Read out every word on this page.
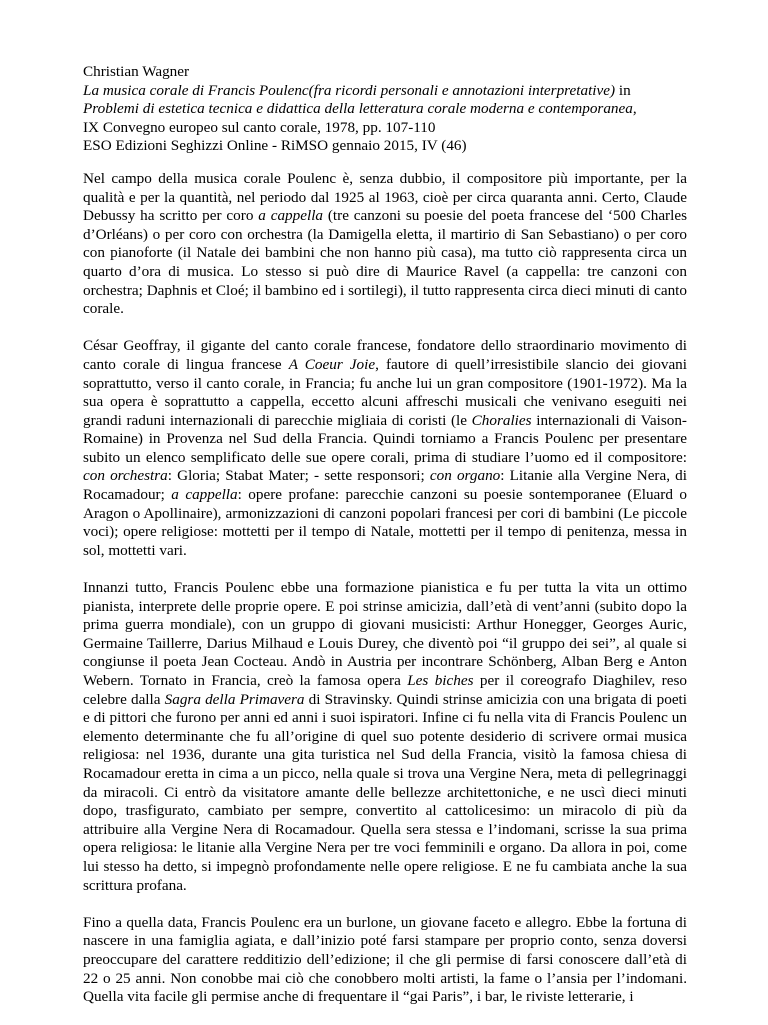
Christian Wagner
La musica corale di Francis Poulenc(fra ricordi personali e annotazioni interpretative) in
Problemi di estetica tecnica e didattica della letteratura corale moderna e contemporanea,
IX Convegno europeo sul canto corale, 1978, pp. 107-110
ESO Edizioni Seghizzi Online - RiMSO gennaio 2015, IV (46)

Nel campo della musica corale Poulenc è, senza dubbio, il compositore più importante, per la qualità e per la quantità, nel periodo dal 1925 al 1963, cioè per circa quaranta anni. Certo, Claude Debussy ha scritto per coro a cappella (tre canzoni su poesie del poeta francese del ‘500 Charles d’Orléans) o per coro con orchestra (la Damigella eletta, il martirio di San Sebastiano) o per coro con pianoforte (il Natale dei bambini che non hanno più casa), ma tutto ciò rappresenta circa un quarto d’ora di musica. Lo stesso si può dire di Maurice Ravel (a cappella: tre canzoni con orchestra; Daphnis et Cloé; il bambino ed i sortilegi), il tutto rappresenta circa dieci minuti di canto corale.

César Geoffray, il gigante del canto corale francese, fondatore dello straordinario movimento di canto corale di lingua francese A Coeur Joie, fautore di quell’irresistibile slancio dei giovani soprattutto, verso il canto corale, in Francia; fu anche lui un gran compositore (1901-1972). Ma la sua opera è soprattutto a cappella, eccetto alcuni affreschi musicali che venivano eseguiti nei grandi raduni internazionali di parecchie migliaia di coristi (le Choralies internazionali di Vaison-Romaine) in Provenza nel Sud della Francia. Quindi torniamo a Francis Poulenc per presentare subito un elenco semplificato delle sue opere corali, prima di studiare l’uomo ed il compositore: con orchestra: Gloria; Stabat Mater; - sette responsori; con organo: Litanie alla Vergine Nera, di Rocamadour; a cappella: opere profane: parecchie canzoni su poesie sontemporanee (Eluard o Aragon o Apollinaire), armonizzazioni di canzoni popolari francesi per cori di bambini (Le piccole voci); opere religiose: mottetti per il tempo di Natale, mottetti per il tempo di penitenza, messa in sol, mottetti vari.

Innanzi tutto, Francis Poulenc ebbe una formazione pianistica e fu per tutta la vita un ottimo pianista, interprete delle proprie opere. E poi strinse amicizia, dall’età di vent’anni (subito dopo la prima guerra mondiale), con un gruppo di giovani musicisti: Arthur Honegger, Georges Auric, Germaine Taillerre, Darius Milhaud e Louis Durey, che diventò poi “il gruppo dei sei”, al quale si congiunse il poeta Jean Cocteau. Andò in Austria per incontrare Schönberg, Alban Berg e Anton Webern. Tornato in Francia, creò la famosa opera Les biches per il coreografo Diaghilev, reso celebre dalla Sagra della Primavera di Stravinsky. Quindi strinse amicizia con una brigata di poeti e di pittori che furono per anni ed anni i suoi ispiratori. Infine ci fu nella vita di Francis Poulenc un elemento determinante che fu all’origine di quel suo potente desiderio di scrivere ormai musica religiosa: nel 1936, durante una gita turistica nel Sud della Francia, visitò la famosa chiesa di Rocamadour eretta in cima a un picco, nella quale si trova una Vergine Nera, meta di pellegrinaggi da miracoli. Ci entrò da visitatore amante delle bellezze architettoniche, e ne uscì dieci minuti dopo, trasfigurato, cambiato per sempre, convertito al cattolicesimo: un miracolo di più da attribuire alla Vergine Nera di Rocamadour. Quella sera stessa e l’indomani, scrisse la sua prima opera religiosa: le litanie alla Vergine Nera per tre voci femminili e organo. Da allora in poi, come lui stesso ha detto, si impegnò profondamente nelle opere religiose. E ne fu cambiata anche la sua scrittura profana.

Fino a quella data, Francis Poulenc era un burlone, un giovane faceto e allegro. Ebbe la fortuna di nascere in una famiglia agiata, e dall’inizio poté farsi stampare per proprio conto, senza doversi preoccupare del carattere redditizio dell’edizione; il che gli permise di farsi conoscere dall’età di 22 o 25 anni. Non conobbe mai ciò che conobbero molti artisti, la fame o l’ansia per l’indomani. Quella vita facile gli permise anche di frequentare il “gai Paris”, i bar, le riviste letterarie, i
